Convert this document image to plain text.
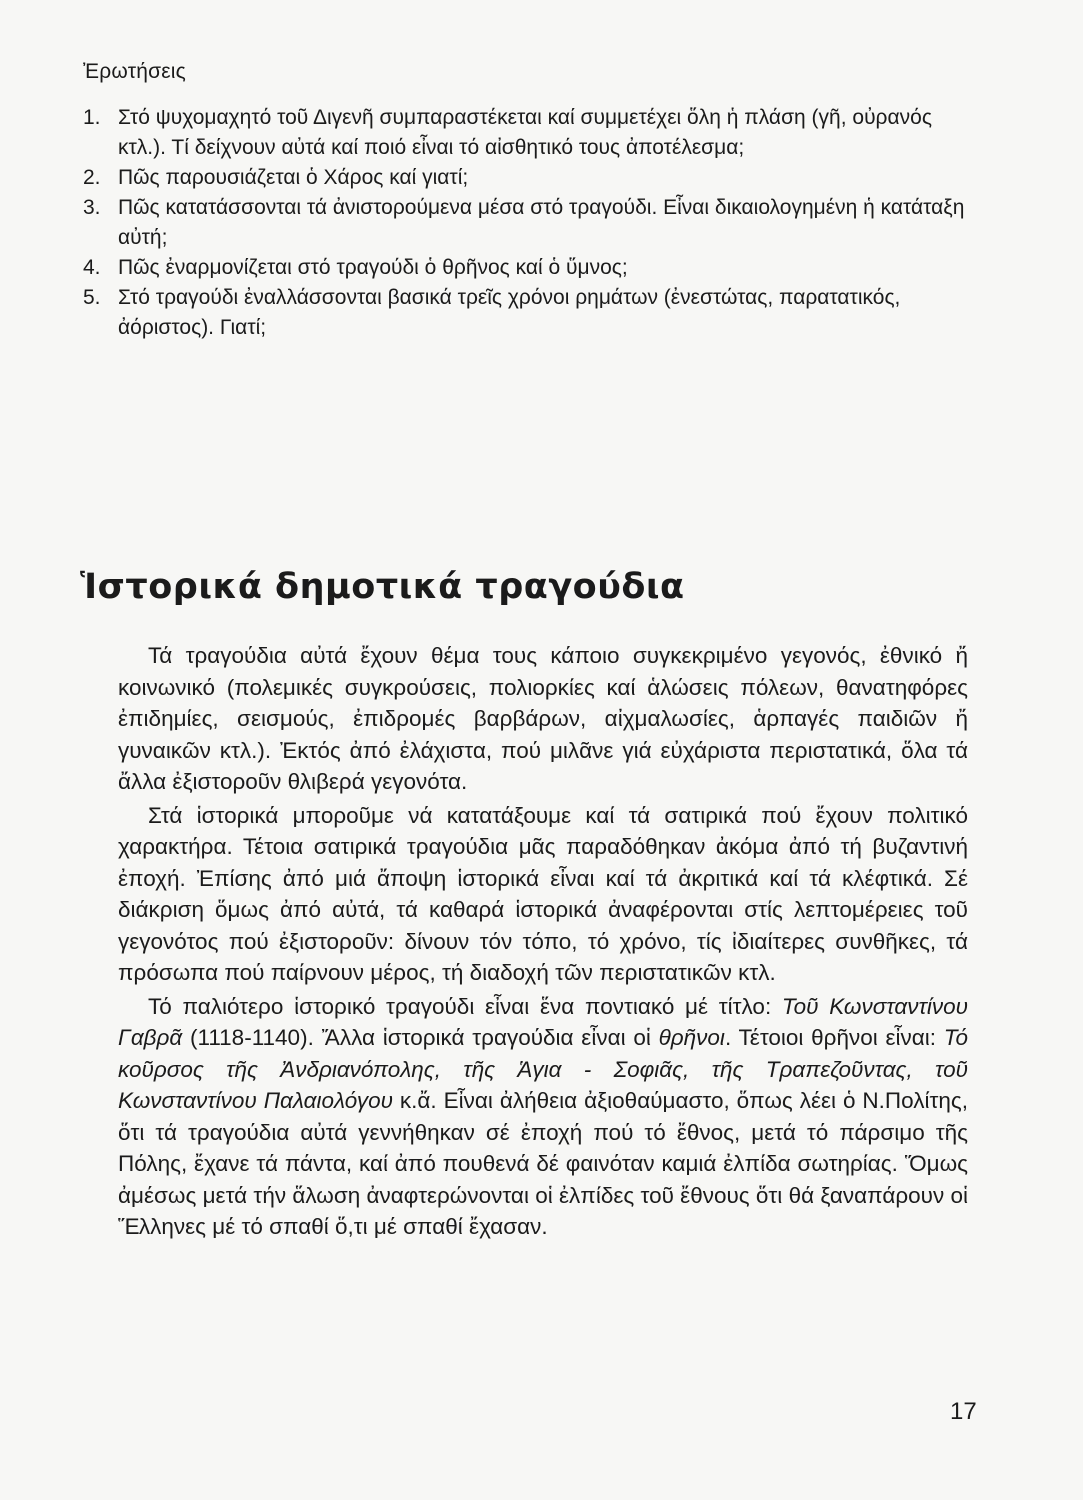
Ἐρωτήσεις
1. Στό ψυχομαχητό τοῦ Διγενῆ συμπαραστέκεται καί συμμετέχει ὅλη ἡ πλάση (γῆ, οὐρανός κτλ.). Τί δείχνουν αὐτά καί ποιό εἶναι τό αἰσθητικό τους ἀποτέλεσμα;
2. Πῶς παρουσιάζεται ὁ Χάρος καί γιατί;
3. Πῶς κατατάσσονται τά ἀνιστορούμενα μέσα στό τραγούδι. Εἶναι δικαιολογημένη ἡ κατάταξη αὐτή;
4. Πῶς ἐναρμονίζεται στό τραγούδι ὁ θρῆνος καί ὁ ὕμνος;
5. Στό τραγούδι ἐναλλάσσονται βασικά τρεῖς χρόνοι ρημάτων (ἐνεστώτας, παρατατικός, ἀόριστος). Γιατί;
Ἱστορικά δημοτικά τραγούδια

Τά τραγούδια αὐτά ἔχουν θέμα τους κάποιο συγκεκριμένο γεγονός, ἐθνικό ἤ κοινωνικό (πολεμικές συγκρούσεις, πολιορκίες καί ἁλώσεις πόλεων, θανατηφόρες ἐπιδημίες, σεισμούς, ἐπιδρομές βαρβάρων, αἰχμαλωσίες, ἁρπαγές παιδιῶν ἤ γυναικῶν κτλ.). Ἐκτός ἀπό ἐλάχιστα, πού μιλᾶνε γιά εὐχάριστα περιστατικά, ὅλα τά ἄλλα ἐξιστοροῦν θλιβερά γεγονότα.

Στά ἱστορικά μποροῦμε νά κατατάξουμε καί τά σατιρικά πού ἔχουν πολιτικό χαρακτήρα. Τέτοια σατιρικά τραγούδια μᾶς παραδόθηκαν ἀκόμα ἀπό τή βυζαντινή ἐποχή. Ἐπίσης ἀπό μιά ἄποψη ἱστορικά εἶναι καί τά ἀκριτικά καί τά κλέφτικά. Σέ διάκριση ὅμως ἀπό αὐτά, τά καθαρά ἱστορικά ἀναφέρονται στίς λεπτομέρειες τοῦ γεγονότος πού ἐξιστοροῦν: δίνουν τόν τόπο, τό χρόνο, τίς ἰδιαίτερες συνθῆκες, τά πρόσωπα πού παίρνουν μέρος, τή διαδοχή τῶν περιστατικῶν κτλ.

Τό παλιότερο ἱστορικό τραγούδι εἶναι ἕνα ποντιακό μέ τίτλο: Τοῦ Κωνσταντίνου Γαβρᾶ (1118-1140). Ἄλλα ἱστορικά τραγούδια εἶναι οἱ θρῆνοι. Τέτοιοι θρῆνοι εἶναι: Τό κοῦρσος τῆς Ἀνδριανόπολης, τῆς Ἁγια - Σοφιᾶς, τῆς Τραπεζοῦντας, τοῦ Κωνσταντίνου Παλαιολόγου κ.ἄ. Εἶναι ἀλήθεια ἀξιοθαύμαστο, ὅπως λέει ὁ Ν.Πολίτης, ὅτι τά τραγούδια αὐτά γεννήθηκαν σέ ἐποχή πού τό ἔθνος, μετά τό πάρσιμο τῆς Πόλης, ἔχανε τά πάντα, καί ἀπό πουθενά δέ φαινόταν καμιά ἐλπίδα σωτηρίας. Ὅμως ἀμέσως μετά τήν ἅλωση ἀναφτερώνονται οἱ ἐλπίδες τοῦ ἔθνους ὅτι θά ξαναπάρουν οἱ Ἕλληνες μέ τό σπαθί ὅ,τι μέ σπαθί ἔχασαν.

17
